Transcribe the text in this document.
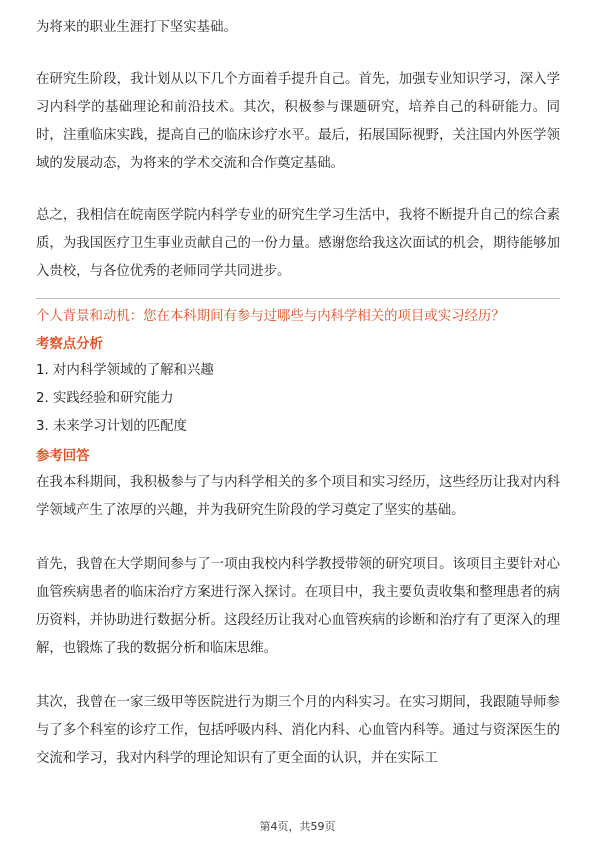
为将来的职业生涯打下坚实基础。

在研究生阶段，我计划从以下几个方面着手提升自己。首先，加强专业知识学习，深入学习内科学的基础理论和前沿技术。其次，积极参与课题研究，培养自己的科研能力。同时，注重临床实践，提高自己的临床诊疗水平。最后，拓展国际视野，关注国内外医学领域的发展动态，为将来的学术交流和合作奠定基础。

总之，我相信在皖南医学院内科学专业的研究生学习生活中，我将不断提升自己的综合素质，为我国医疗卫生事业贡献自己的一份力量。感谢您给我这次面试的机会，期待能够加入贵校，与各位优秀的老师同学共同进步。

个人背景和动机：您在本科期间有参与过哪些与内科学相关的项目或实习经历？

考察点分析

1. 对内科学领域的了解和兴趣

2. 实践经验和研究能力

3. 未来学习计划的匹配度

参考回答

在我本科期间，我积极参与了与内科学相关的多个项目和实习经历，这些经历让我对内科学领域产生了浓厚的兴趣，并为我研究生阶段的学习奠定了坚实的基础。

首先，我曾在大学期间参与了一项由我校内科学教授带领的研究项目。该项目主要针对心血管疾病患者的临床治疗方案进行深入探讨。在项目中，我主要负责收集和整理患者的病历资料，并协助进行数据分析。这段经历让我对心血管疾病的诊断和治疗有了更深入的理解，也锻炼了我的数据分析和临床思维。

其次，我曾在一家三级甲等医院进行为期三个月的内科实习。在实习期间，我跟随导师参与了多个科室的诊疗工作，包括呼吸内科、消化内科、心血管内科等。通过与资深医生的交流和学习，我对内科学的理论知识有了更全面的认识，并在实际工

第4页，共59页
